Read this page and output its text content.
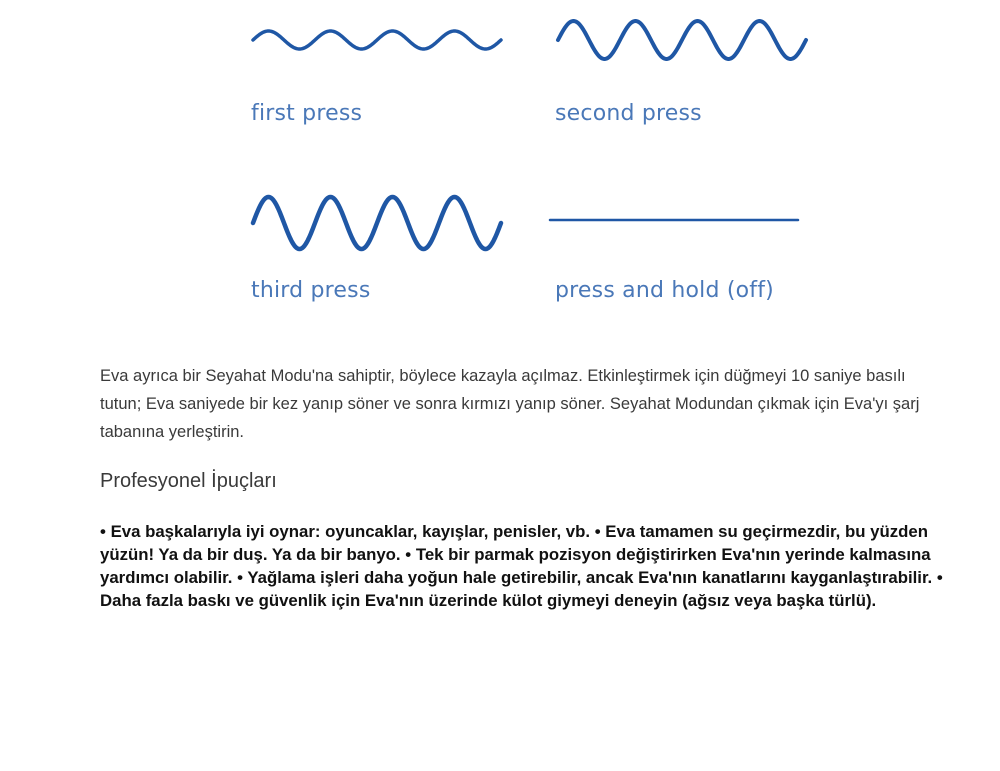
first press	second press
third press	press and hold (off)

Eva ayrıca bir Seyahat Modu'na sahiptir, böylece kazayla açılmaz. Etkinleştirmek için düğmeyi 10 saniye basılı tutun; Eva saniyede bir kez yanıp söner ve sonra kırmızı yanıp söner. Seyahat Modundan çıkmak için Eva'yı şarj tabanına yerleştirin.

Profesyonel İpuçları

• Eva başkalarıyla iyi oynar: oyuncaklar, kayışlar, penisler, vb. • Eva tamamen su geçirmezdir, bu yüzden yüzün! Ya da bir duş. Ya da bir banyo. • Tek bir parmak pozisyon değiştirirken Eva'nın yerinde kalmasına yardımcı olabilir. • Yağlama işleri daha yoğun hale getirebilir, ancak Eva'nın kanatlarını kayganlaştırabilir. • Daha fazla baskı ve güvenlik için Eva'nın üzerinde külot giymeyi deneyin (ağsız veya başka türlü).
